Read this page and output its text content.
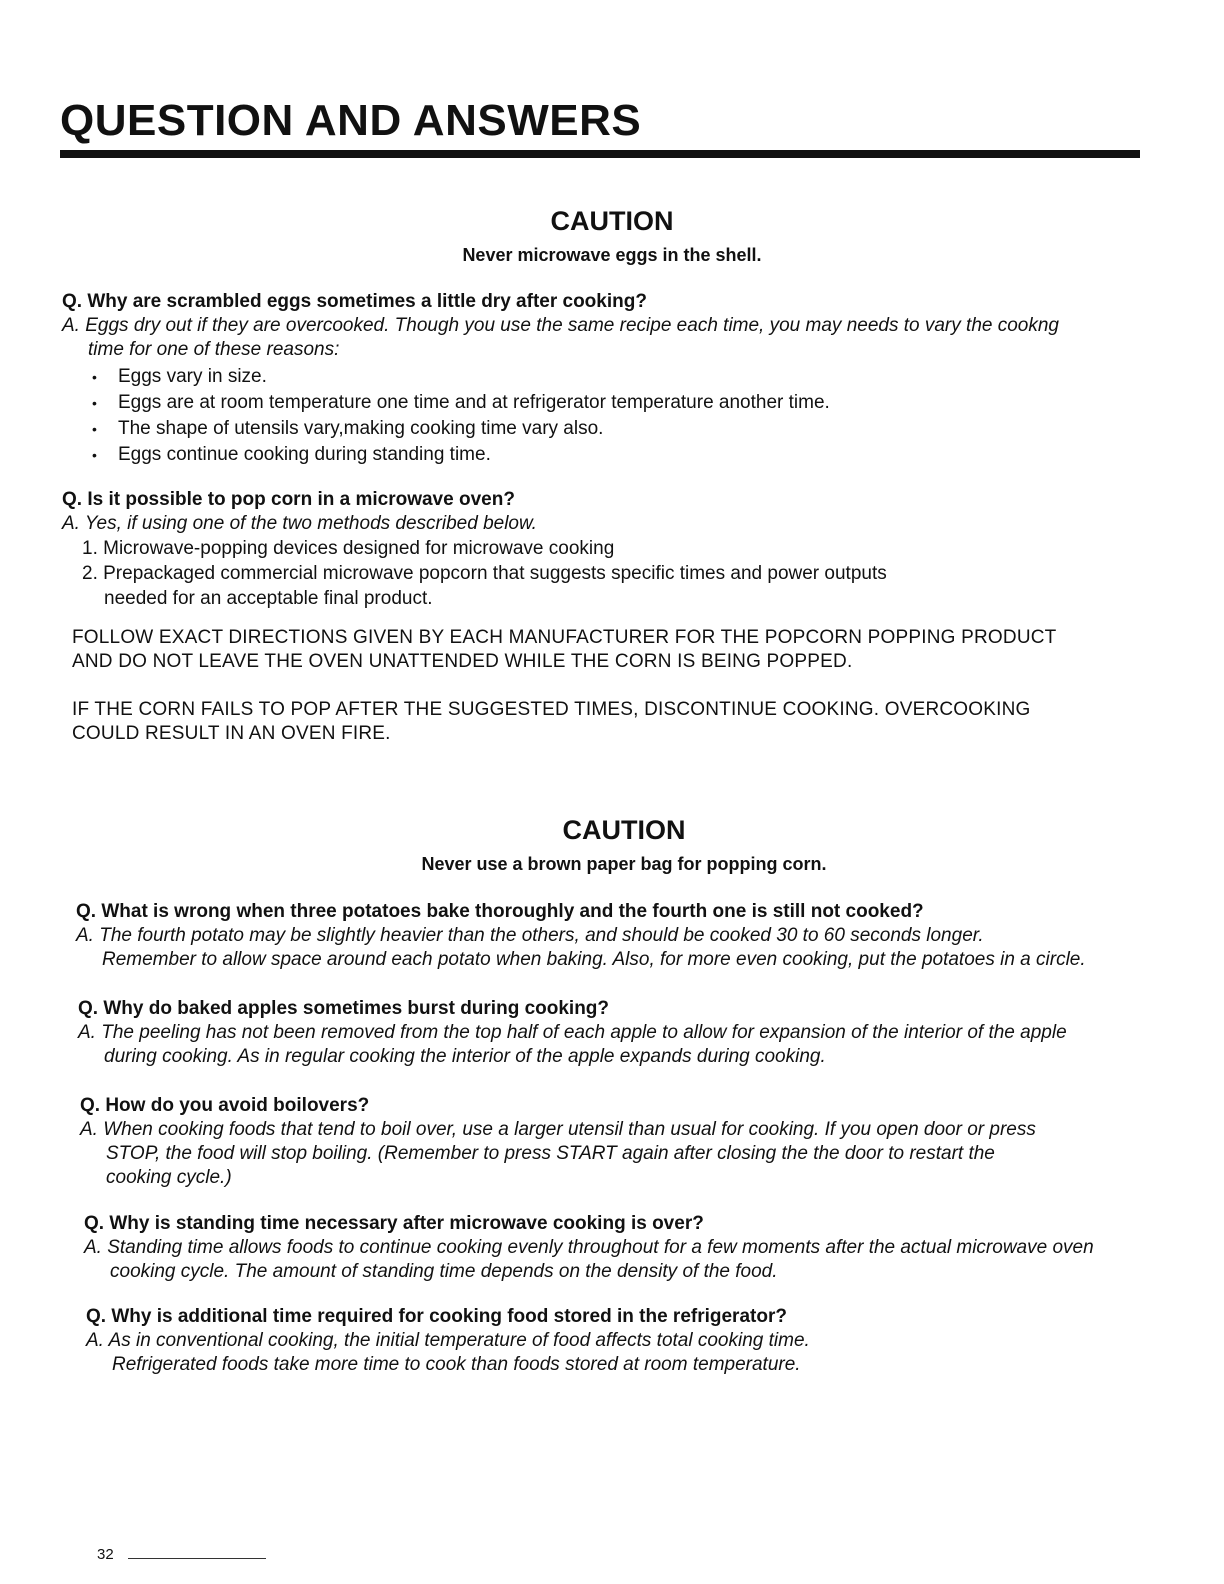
QUESTION AND ANSWERS
CAUTION
Never microwave eggs in the shell.
Q. Why are scrambled eggs sometimes a little dry after cooking?
A. Eggs dry out if they are overcooked. Though you use the same recipe each time, you may needs to vary the cookng
time for one of these reasons:
• Eggs vary in size.
• Eggs are at room temperature one time and at refrigerator temperature another time.
• The shape of utensils vary,making cooking time vary also.
• Eggs continue cooking during standing time.
Q. Is it possible to pop corn in a microwave oven?
A. Yes, if using one of the two methods described below.
1. Microwave-popping devices designed for microwave cooking
2. Prepackaged commercial microwave popcorn that suggests specific times and power outputs
needed for an acceptable final product.
FOLLOW EXACT DIRECTIONS GIVEN BY EACH MANUFACTURER FOR THE POPCORN POPPING PRODUCT
AND DO NOT LEAVE THE OVEN UNATTENDED WHILE THE CORN IS BEING POPPED.
IF THE CORN FAILS TO POP AFTER THE SUGGESTED TIMES, DISCONTINUE COOKING. OVERCOOKING
COULD RESULT IN AN OVEN FIRE.
CAUTION
Never use a brown paper bag for popping corn.
Q. What is wrong when three potatoes bake thoroughly and the fourth one is still not cooked?
A. The fourth potato may be slightly heavier than the others, and should be cooked 30 to 60 seconds longer.
Remember to allow space around each potato when baking. Also, for more even cooking, put the potatoes in a circle.
Q. Why do baked apples sometimes burst during cooking?
A. The peeling has not been removed from the top half of each apple to allow for expansion of the interior of the apple
during cooking. As in regular cooking the interior of the apple expands during cooking.
Q. How do you avoid boilovers?
A. When cooking foods that tend to boil over, use a larger utensil than usual for cooking. If you open door or press
STOP, the food will stop boiling. (Remember to press START again after closing the the door to restart the
cooking cycle.)
Q. Why is standing time necessary after microwave cooking is over?
A. Standing time allows foods to continue cooking evenly throughout for a few moments after the actual microwave oven
cooking cycle. The amount of standing time depends on the density of the food.
Q. Why is additional time required for cooking food stored in the refrigerator?
A. As in conventional cooking, the initial temperature of food affects total cooking time.
Refrigerated foods take more time to cook than foods stored at room temperature.
32
